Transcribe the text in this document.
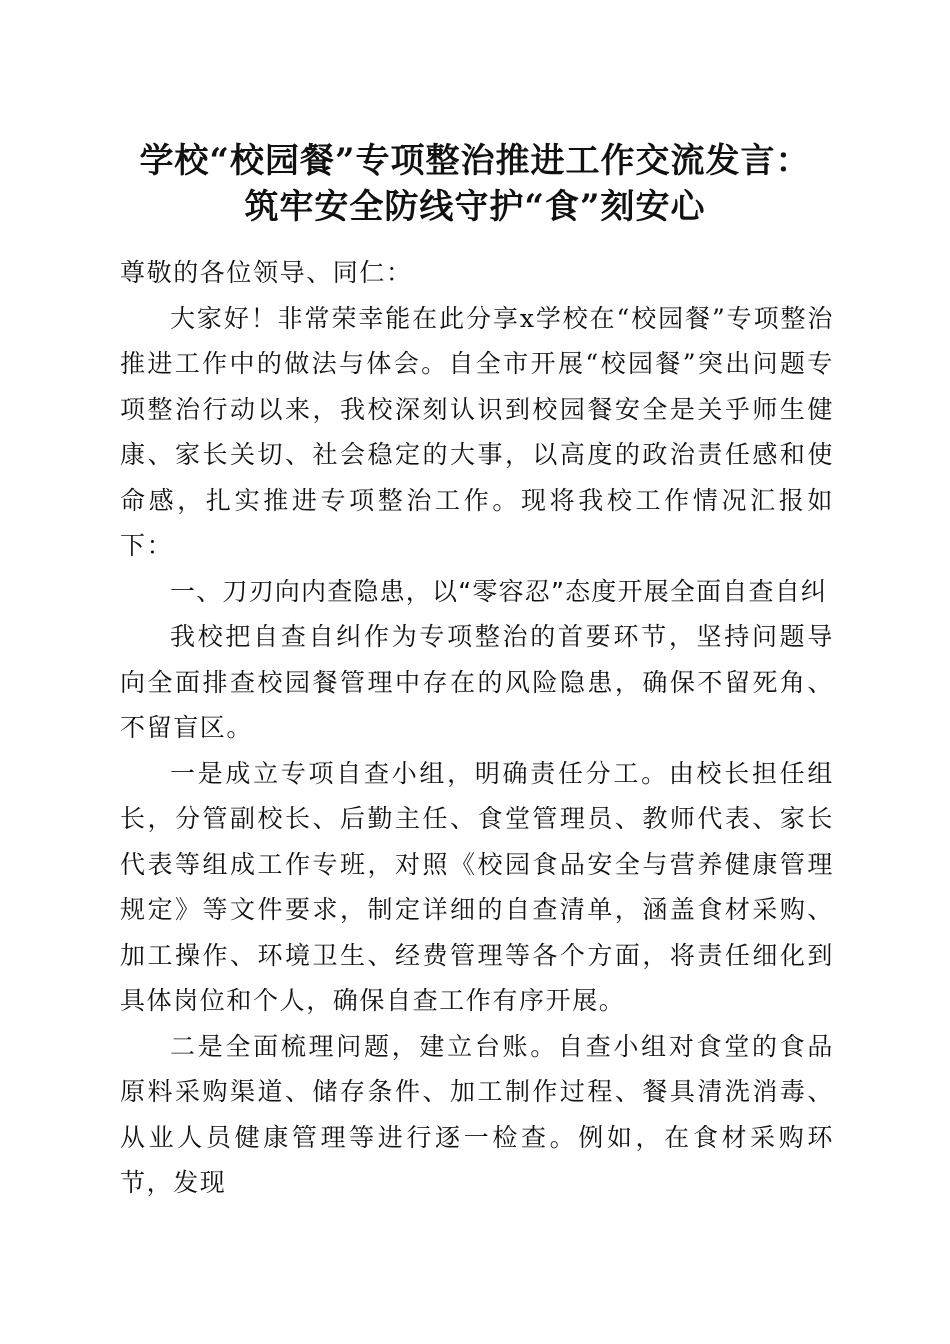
学校“校园餐”专项整治推进工作交流发言：
筑牢安全防线守护“食”刻安心

尊敬的各位领导、同仁：

大家好！非常荣幸能在此分享x学校在“校园餐”专项整治推进工作中的做法与体会。自全市开展“校园餐”突出问题专项整治行动以来，我校深刻认识到校园餐安全是关乎师生健康、家长关切、社会稳定的大事，以高度的政治责任感和使命感，扎实推进专项整治工作。现将我校工作情况汇报如下：

一、刀刃向内查隐患，以“零容忍”态度开展全面自查自纠

我校把自查自纠作为专项整治的首要环节，坚持问题导向全面排查校园餐管理中存在的风险隐患，确保不留死角、不留盲区。

一是成立专项自查小组，明确责任分工。由校长担任组长，分管副校长、后勤主任、食堂管理员、教师代表、家长代表等组成工作专班，对照《校园食品安全与营养健康管理规定》等文件要求，制定详细的自查清单，涵盖食材采购、加工操作、环境卫生、经费管理等各个方面，将责任细化到具体岗位和个人，确保自查工作有序开展。

二是全面梳理问题，建立台账。自查小组对食堂的食品原料采购渠道、储存条件、加工制作过程、餐具清洗消毒、从业人员健康管理等进行逐一检查。例如，在食材采购环节，发现
